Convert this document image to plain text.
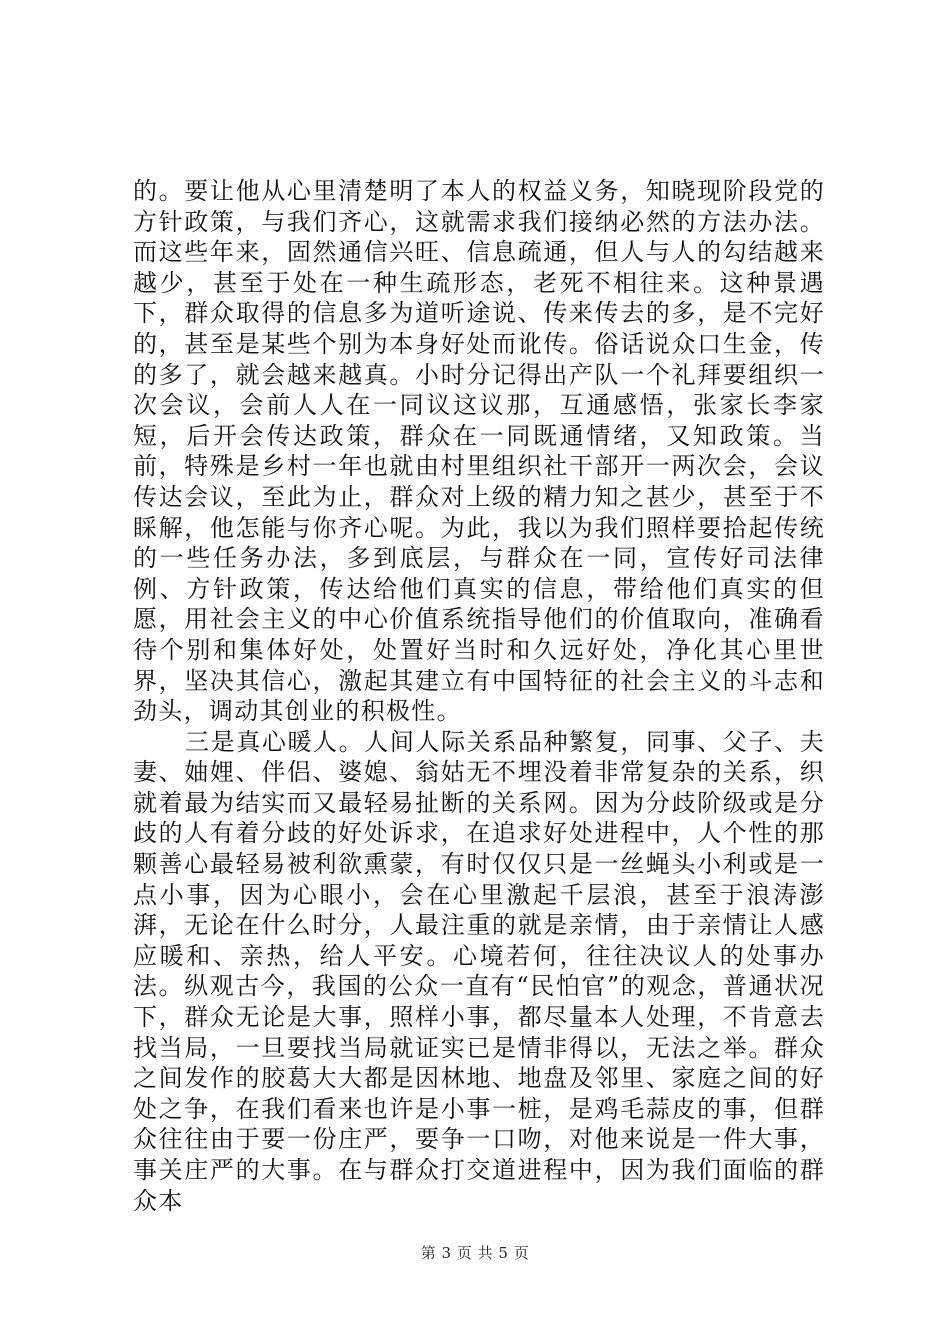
的。要让他从心里清楚明了本人的权益义务，知晓现阶段党的方针政策，与我们齐心，这就需求我们接纳必然的方法办法。而这些年来，固然通信兴旺、信息疏通，但人与人的勾结越来越少，甚至于处在一种生疏形态，老死不相往来。这种景遇下，群众取得的信息多为道听途说、传来传去的多，是不完好的，甚至是某些个别为本身好处而讹传。俗话说众口生金，传的多了，就会越来越真。小时分记得出产队一个礼拜要组织一次会议，会前人人在一同议这议那，互通感悟，张家长李家短，后开会传达政策，群众在一同既通情绪，又知政策。当前，特殊是乡村一年也就由村里组织社干部开一两次会，会议传达会议，至此为止，群众对上级的精力知之甚少，甚至于不睬解，他怎能与你齐心呢。为此，我以为我们照样要拾起传统的一些任务办法，多到底层，与群众在一同，宣传好司法律例、方针政策，传达给他们真实的信息，带给他们真实的但愿，用社会主义的中心价值系统指导他们的价值取向，准确看待个别和集体好处，处置好当时和久远好处，净化其心里世界，坚决其信心，激起其建立有中国特征的社会主义的斗志和劲头，调动其创业的积极性。

三是真心暖人。人间人际关系品种繁复，同事、父子、夫妻、妯娌、伴侣、婆媳、翁姑无不埋没着非常复杂的关系，织就着最为结实而又最轻易扯断的关系网。因为分歧阶级或是分歧的人有着分歧的好处诉求，在追求好处进程中，人个性的那颗善心最轻易被利欲熏蒙，有时仅仅只是一丝蝇头小利或是一点小事，因为心眼小，会在心里激起千层浪，甚至于浪涛澎湃，无论在什么时分，人最注重的就是亲情，由于亲情让人感应暖和、亲热，给人平安。心境若何，往往决议人的处事办法。纵观古今，我国的公众一直有“民怕官”的观念，普通状况下，群众无论是大事，照样小事，都尽量本人处理，不肯意去找当局，一旦要找当局就证实已是情非得以，无法之举。群众之间发作的胶葛大大都是因林地、地盘及邻里、家庭之间的好处之争，在我们看来也许是小事一桩，是鸡毛蒜皮的事，但群众往往由于要一份庄严，要争一口吻，对他来说是一件大事，事关庄严的大事。在与群众打交道进程中，因为我们面临的群众本

第 3 页 共 5 页
